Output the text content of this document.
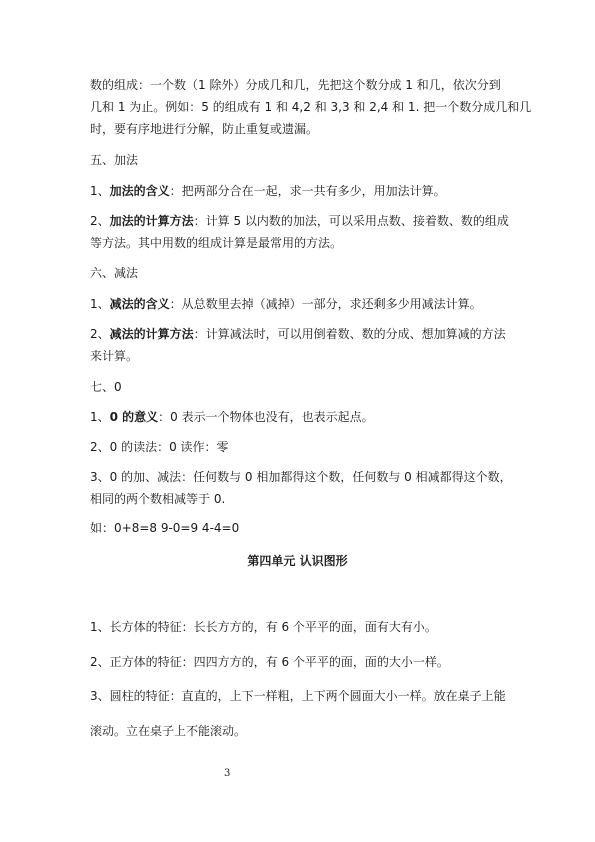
数的组成：一个数（1 除外）分成几和几，先把这个数分成 1 和几，依次分到
几和 1 为止。例如：5 的组成有 1 和 4,2 和 3,3 和 2,4 和 1. 把一个数分成几和几
时，要有序地进行分解，防止重复或遗漏。
五、加法
1、加法的含义：把两部分合在一起，求一共有多少，用加法计算。
2、加法的计算方法：计算 5 以内数的加法，可以采用点数、接着数、数的组成
等方法。其中用数的组成计算是最常用的方法。
六、减法
1、减法的含义：从总数里去掉（减掉）一部分，求还剩多少用减法计算。
2、减法的计算方法：计算减法时，可以用倒着数、数的分成、想加算减的方法
来计算。
七、0
1、0 的意义：0 表示一个物体也没有，也表示起点。
2、0 的读法：0 读作：零
3、0 的加、减法：任何数与 0 相加都得这个数，任何数与 0 相减都得这个数，
相同的两个数相减等于 0.
如：0+8=8 9-0=9 4-4=0
第四单元 认识图形
1、长方体的特征：长长方方的，有 6 个平平的面，面有大有小。
2、正方体的特征：四四方方的，有 6 个平平的面，面的大小一样。
3、圆柱的特征：直直的，上下一样粗，上下两个圆面大小一样。放在桌子上能
滚动。立在桌子上不能滚动。
3
